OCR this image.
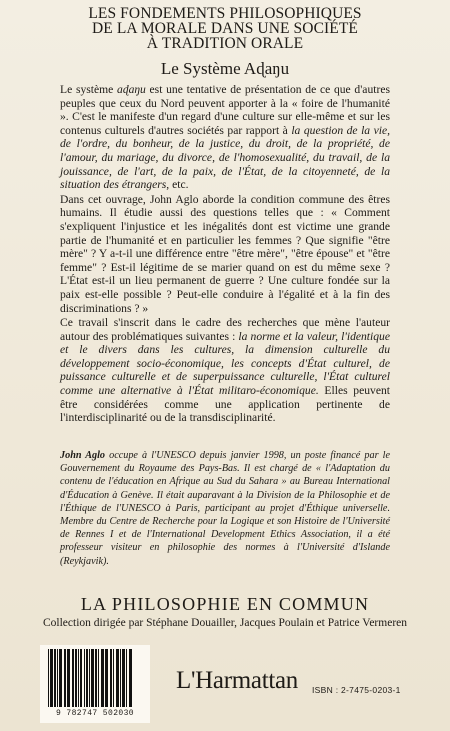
LES FONDEMENTS PHILOSOPHIQUES
DE LA MORALE DANS UNE SOCIÉTÉ
À TRADITION ORALE
Le Système Aɖaŋu

Le système aɖaŋu est une tentative de présentation de ce que d'autres peuples que ceux du Nord peuvent apporter à la « foire de l'humanité ». C'est le manifeste d'un regard d'une culture sur elle-même et sur les contenus culturels d'autres sociétés par rapport à la question de la vie, de l'ordre, du bonheur, de la justice, du droit, de la propriété, de l'amour, du mariage, du divorce, de l'homosexualité, du travail, de la jouissance, de l'art, de la paix, de l'État, de la citoyenneté, de la situation des étrangers, etc.

Dans cet ouvrage, John Aglo aborde la condition commune des êtres humains. Il étudie aussi des questions telles que : « Comment s'expliquent l'injustice et les inégalités dont est victime une grande partie de l'humanité et en particulier les femmes ? Que signifie "être mère" ? Y a-t-il une différence entre "être mère", "être épouse" et "être femme" ? Est-il légitime de se marier quand on est du même sexe ? L'État est-il un lieu permanent de guerre ? Une culture fondée sur la paix est-elle possible ? Peut-elle conduire à l'égalité et à la fin des discriminations ? »

Ce travail s'inscrit dans le cadre des recherches que mène l'auteur autour des problématiques suivantes : la norme et la valeur, l'identique et le divers dans les cultures, la dimension culturelle du développement socio-économique, les concepts d'État culturel, de puissance culturelle et de superpuissance culturelle, l'État culturel comme une alternative à l'État militaro-économique. Elles peuvent être considérées comme une application pertinente de l'interdisciplinarité ou de la transdisciplinarité.

John Aglo occupe à l'UNESCO depuis janvier 1998, un poste financé par le Gouvernement du Royaume des Pays-Bas. Il est chargé de « l'Adaptation du contenu de l'éducation en Afrique au Sud du Sahara » au Bureau International d'Éducation à Genève. Il était auparavant à la Division de la Philosophie et de l'Éthique de l'UNESCO à Paris, participant au projet d'Éthique universelle. Membre du Centre de Recherche pour la Logique et son Histoire de l'Université de Rennes I et de l'International Development Ethics Association, il a été professeur visiteur en philosophie des normes à l'Université d'Islande (Reykjavik).
LA PHILOSOPHIE EN COMMUN
Collection dirigée par Stéphane Douailler, Jacques Poulain et Patrice Vermeren
9 782747 502030
L'Harmattan ISBN : 2-7475-0203-1
